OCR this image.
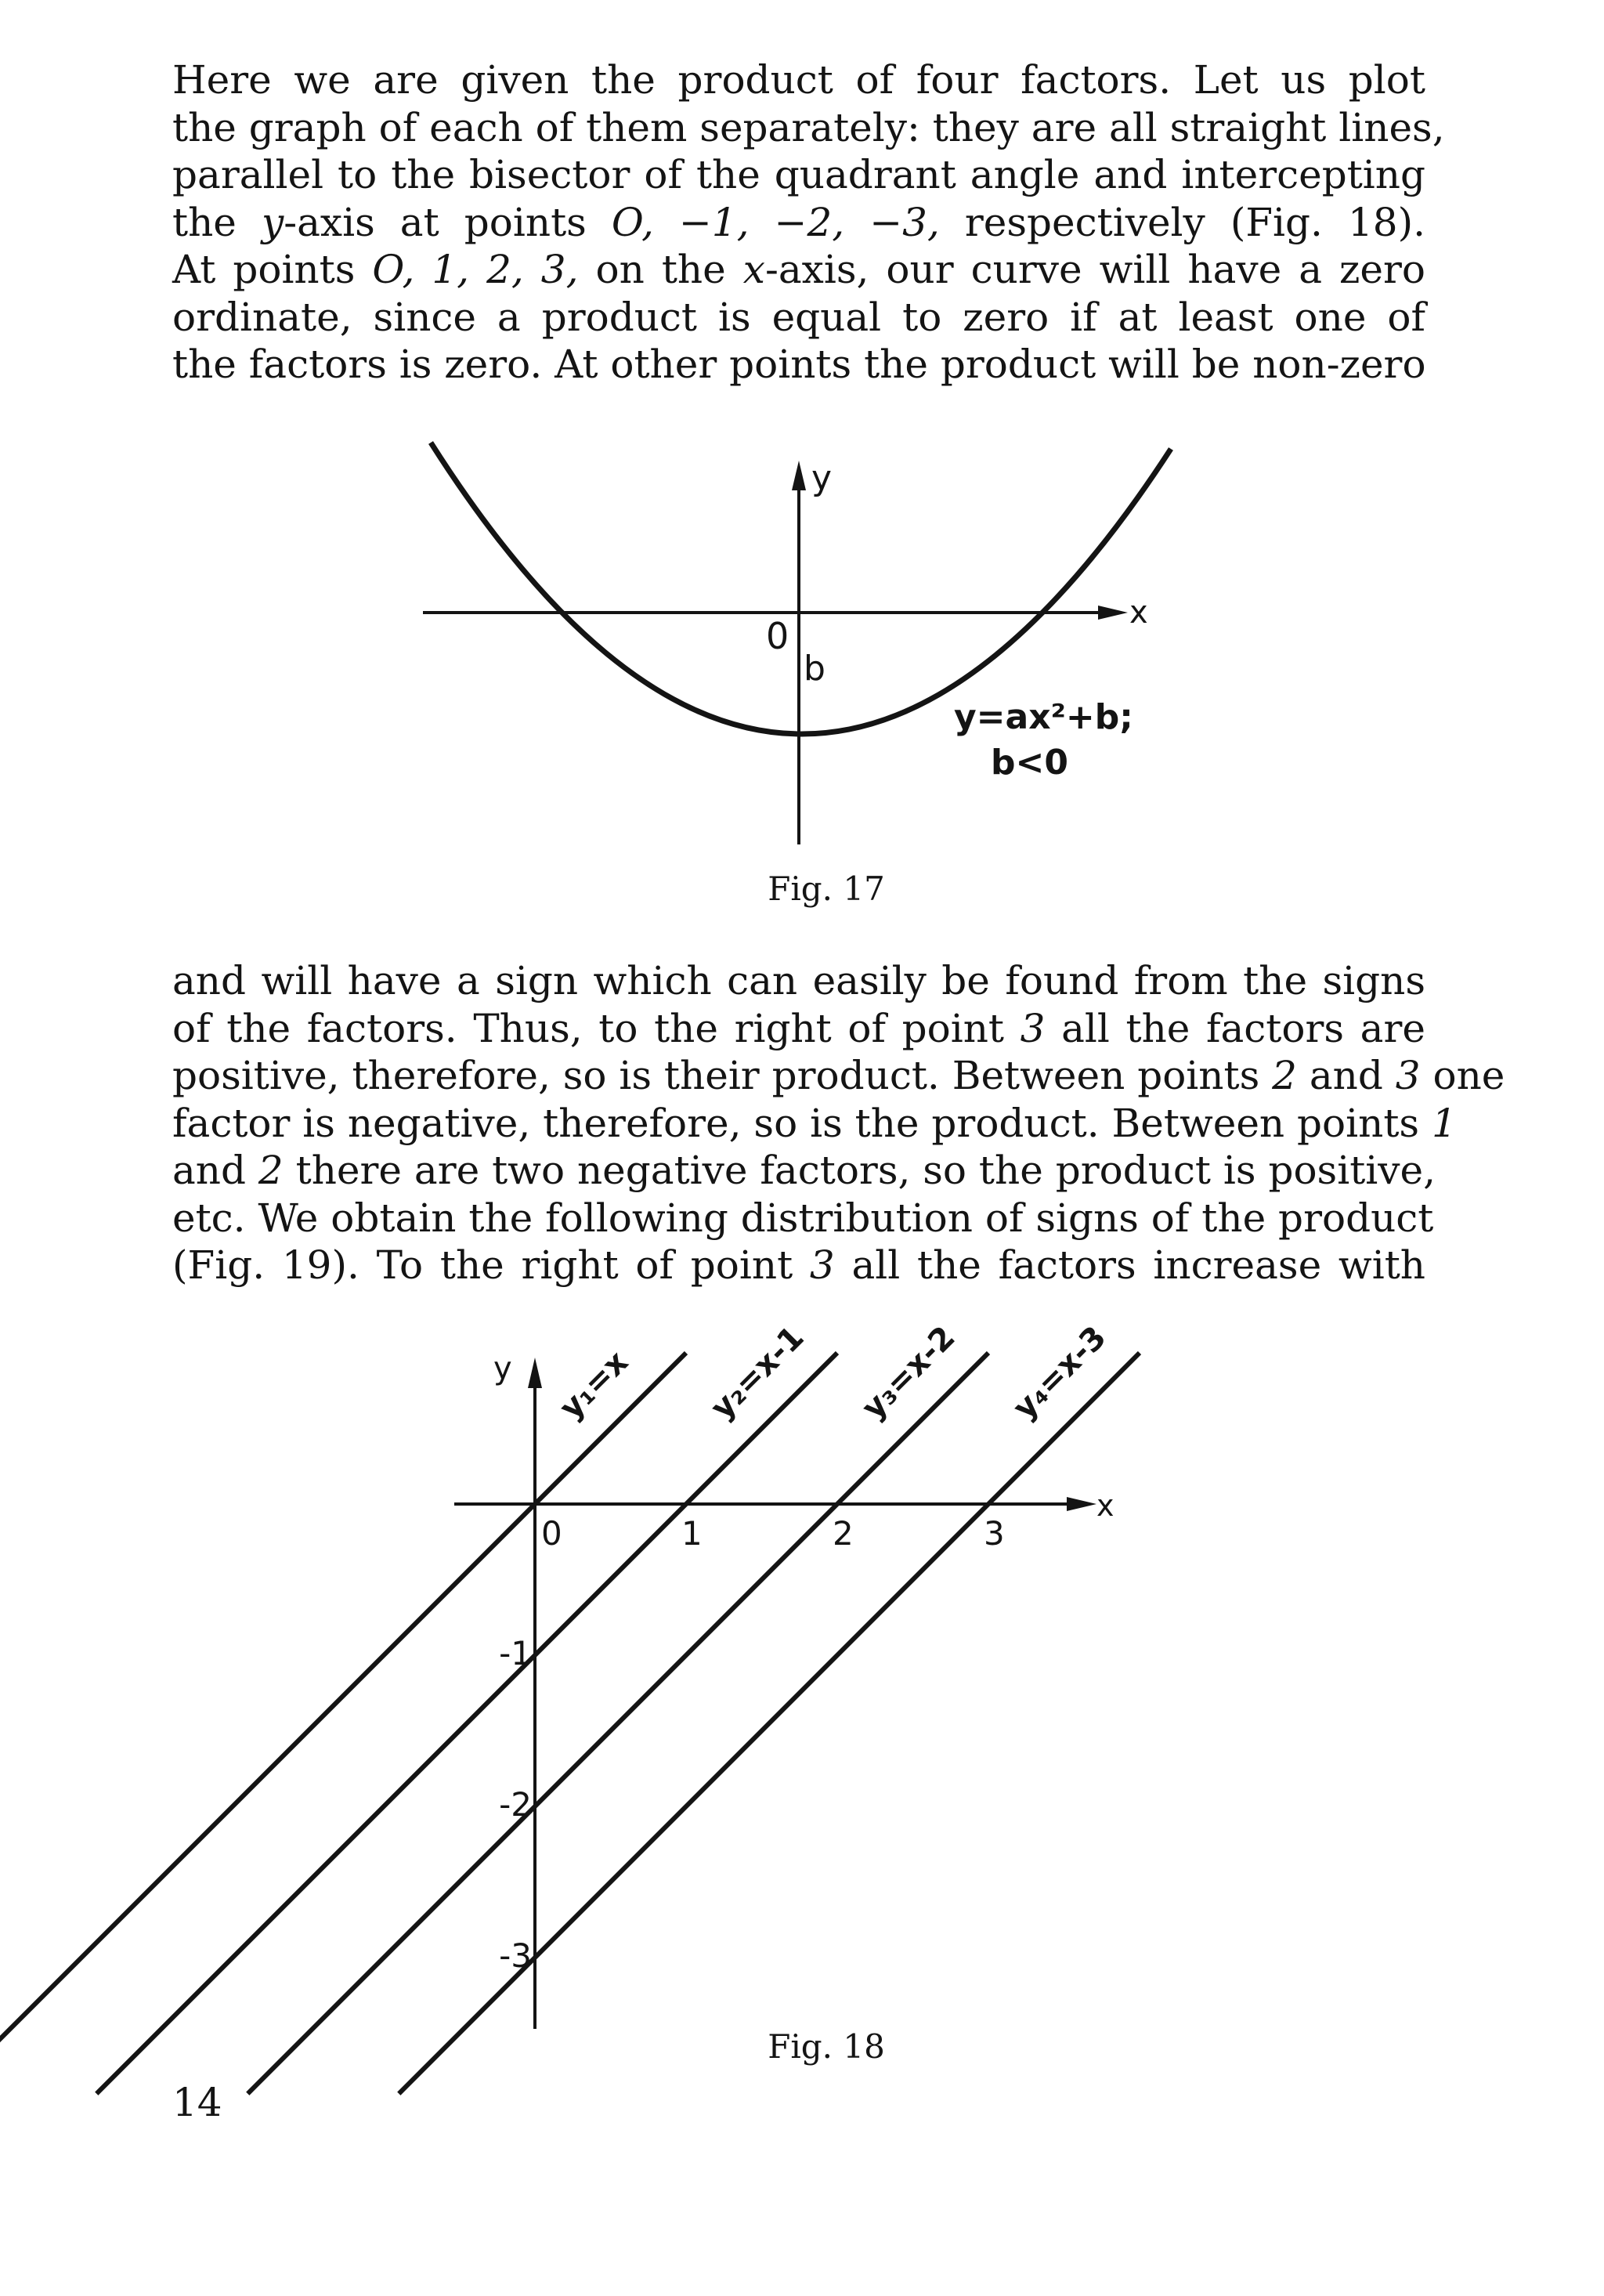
Here we are given the product of four factors. Let us plot
the graph of each of them separately: they are all straight lines,
parallel to the bisector of the quadrant angle and intercepting
the y-axis at points O, −1, −2, −3, respectively (Fig. 18).
At points O, 1, 2, 3, on the x-axis, our curve will have a zero
ordinate, since a product is equal to zero if at least one of
the factors is zero. At other points the product will be non-zero
y
x
0
b
y=ax²+b;
b<0
Fig. 17
and will have a sign which can easily be found from the signs
of the factors. Thus, to the right of point 3 all the factors are
positive, therefore, so is their product. Between points 2 and 3 one
factor is negative, therefore, so is the product. Between points 1
and 2 there are two negative factors, so the product is positive,
etc. We obtain the following distribution of signs of the product
(Fig. 19). To the right of point 3 all the factors increase with
y
x
0	1	2	3
-1
-2
-3
y₁=x y₂=x-1 y₃=x-2 y₄=x-3
Fig. 18
14
